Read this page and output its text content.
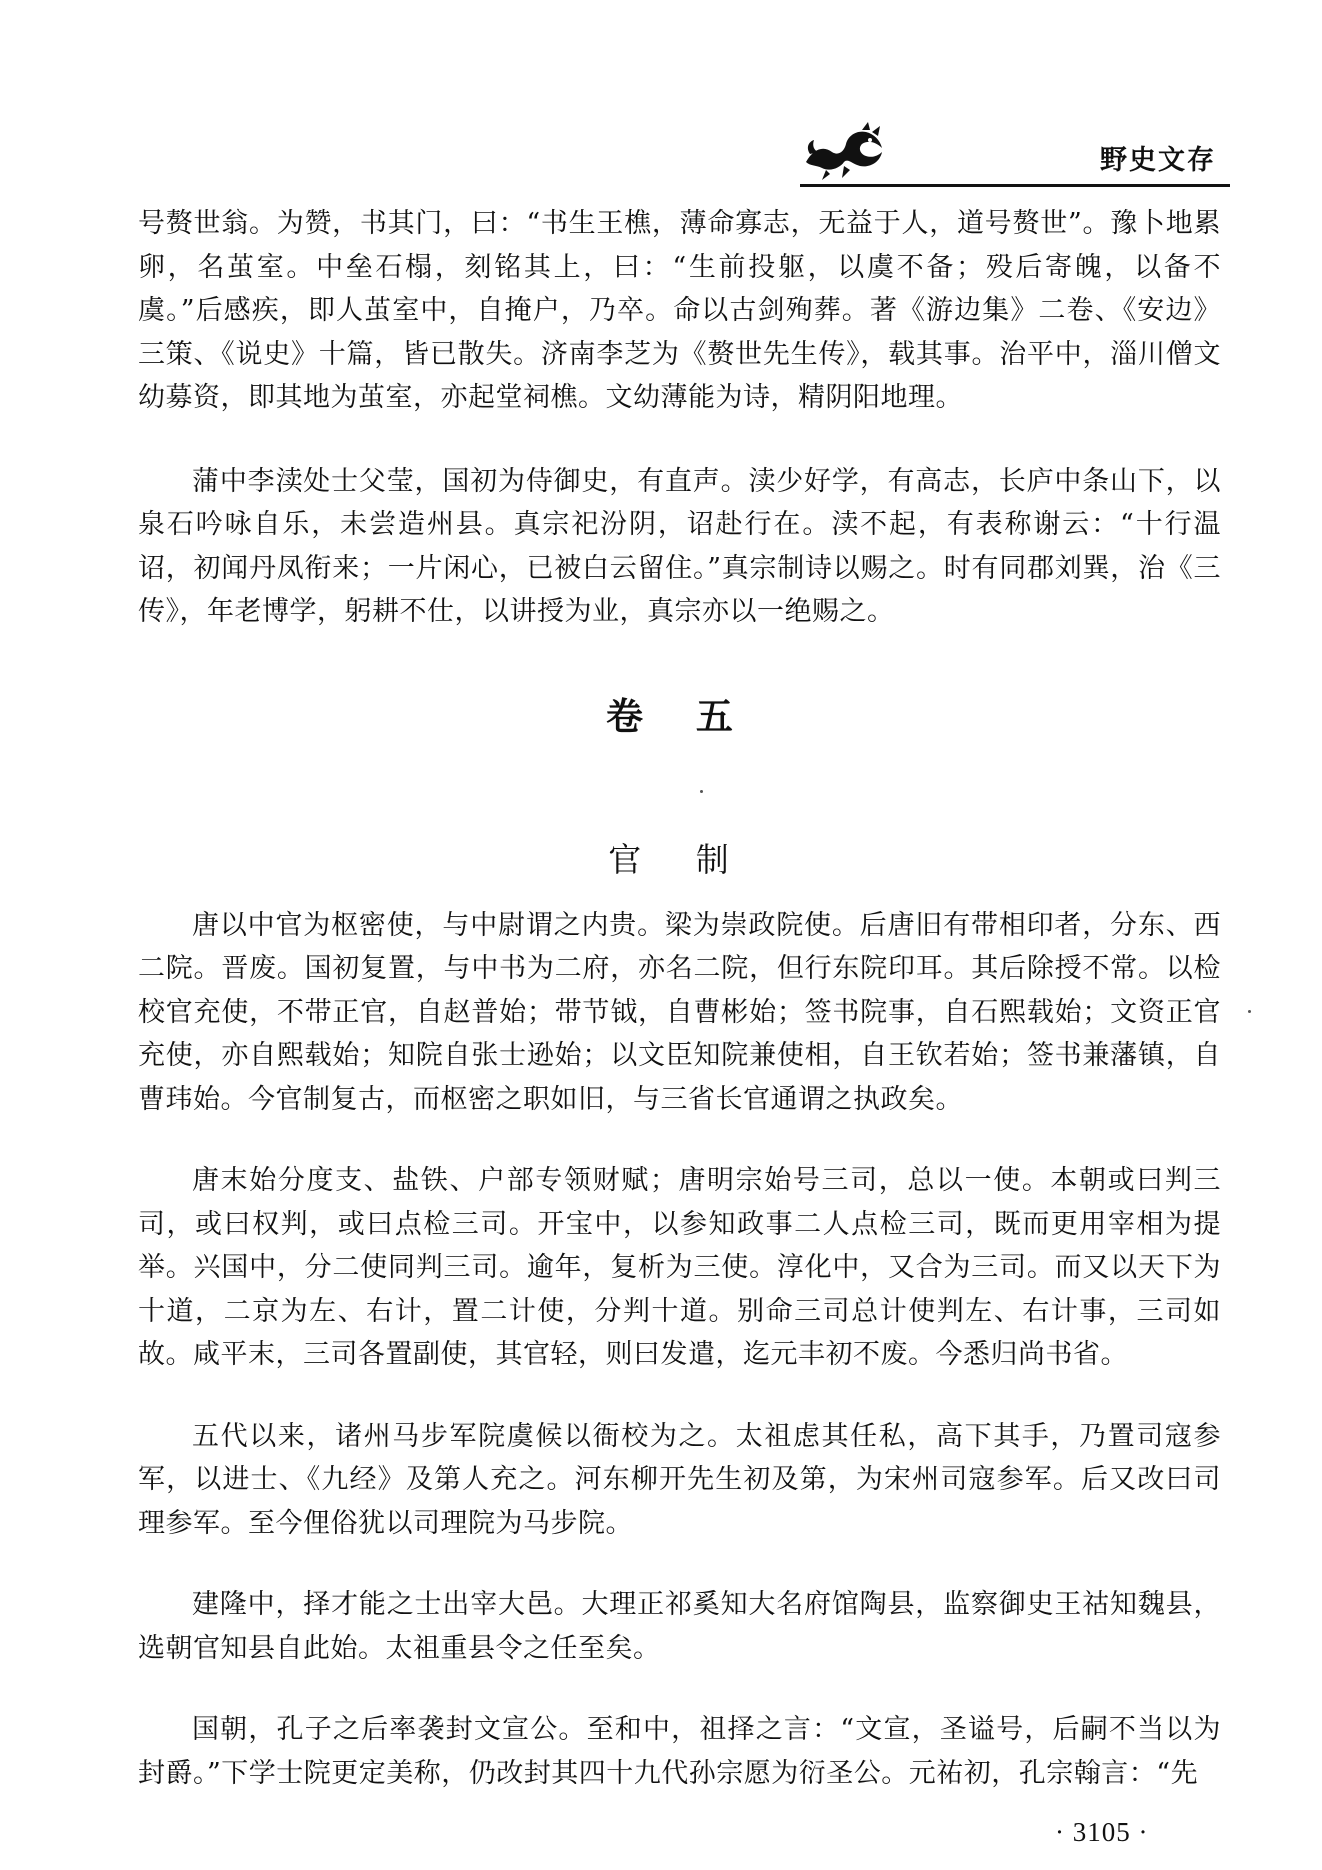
野史文存

号赘世翁。为赞，书其门，曰：“书生王樵，薄命寡志，无益于人，道号赘世”。豫卜地累卵，名茧室。中垒石榻，刻铭其上，曰：“生前投躯，以虞不备；殁后寄魄，以备不虞。”后感疾，即人茧室中，自掩户，乃卒。命以古剑殉葬。著《游边集》二卷、《安边》三策、《说史》十篇，皆已散失。济南李芝为《赘世先生传》，载其事。治平中，淄川僧文幼募资，即其地为茧室，亦起堂祠樵。文幼薄能为诗，精阴阳地理。

蒲中李渎处士父莹，国初为侍御史，有直声。渎少好学，有高志，长庐中条山下，以泉石吟咏自乐，未尝造州县。真宗祀汾阴，诏赴行在。渎不起，有表称谢云：“十行温诏，初闻丹凤衔来；一片闲心，已被白云留住。”真宗制诗以赐之。时有同郡刘巽，治《三传》，年老博学，躬耕不仕，以讲授为业，真宗亦以一绝赐之。

卷 五
官 制

唐以中官为枢密使，与中尉谓之内贵。梁为崇政院使。后唐旧有带相印者，分东、西二院。晋废。国初复置，与中书为二府，亦名二院，但行东院印耳。其后除授不常。以检校官充使，不带正官，自赵普始；带节钺，自曹彬始；签书院事，自石熙载始；文资正官充使，亦自熙载始；知院自张士逊始；以文臣知院兼使相，自王钦若始；签书兼藩镇，自曹玮始。今官制复古，而枢密之职如旧，与三省长官通谓之执政矣。

唐末始分度支、盐铁、户部专领财赋；唐明宗始号三司，总以一使。本朝或曰判三司，或曰权判，或曰点检三司。开宝中，以参知政事二人点检三司，既而更用宰相为提举。兴国中，分二使同判三司。逾年，复析为三使。淳化中，又合为三司。而又以天下为十道，二京为左、右计，置二计使，分判十道。别命三司总计使判左、右计事，三司如故。咸平末，三司各置副使，其官轻，则曰发遣，迄元丰初不废。今悉归尚书省。

五代以来，诸州马步军院虞候以衙校为之。太祖虑其任私，高下其手，乃置司寇参军，以进士、《九经》及第人充之。河东柳开先生初及第，为宋州司寇参军。后又改曰司理参军。至今俚俗犹以司理院为马步院。

建隆中，择才能之士出宰大邑。大理正祁奚知大名府馆陶县，监察御史王祜知魏县，选朝官知县自此始。太祖重县令之任至矣。

国朝，孔子之后率袭封文宣公。至和中，祖择之言：“文宣，圣谥号，后嗣不当以为封爵。”下学士院更定美称，仍改封其四十九代孙宗愿为衍圣公。元祐初，孔宗翰言：“先

· 3105 ·
